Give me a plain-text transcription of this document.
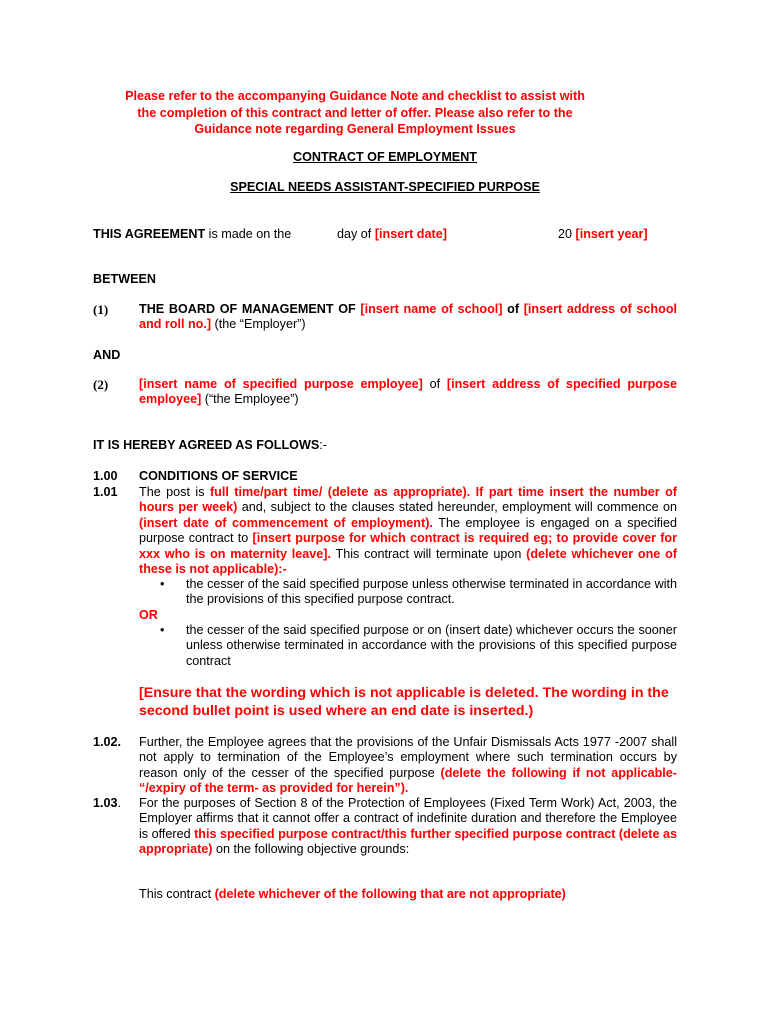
Please refer to the accompanying Guidance Note and checklist to assist with
the completion of this contract and letter of offer. Please also refer to the
Guidance note regarding General Employment Issues
CONTRACT OF EMPLOYMENT
SPECIAL NEEDS ASSISTANT-SPECIFIED PURPOSE
THIS AGREEMENT is made on the	day of [insert date]	20 [insert year]
BETWEEN
(1) THE BOARD OF MANAGEMENT OF [insert name of school] of [insert address of school and roll no.] (the “Employer”)
AND
(2) [insert name of specified purpose employee] of [insert address of specified purpose employee] (“the Employee”)
IT IS HEREBY AGREED AS FOLLOWS:-
1.00 CONDITIONS OF SERVICE
1.01 The post is full time/part time/ (delete as appropriate). If part time insert the number of hours per week) and, subject to the clauses stated hereunder, employment will commence on (insert date of commencement of employment). The employee is engaged on a specified purpose contract to [insert purpose for which contract is required eg; to provide cover for xxx who is on maternity leave]. This contract will terminate upon (delete whichever one of these is not applicable):-
• the cesser of the said specified purpose unless otherwise terminated in accordance with the provisions of this specified purpose contract.
OR
• the cesser of the said specified purpose or on (insert date) whichever occurs the sooner unless otherwise terminated in accordance with the provisions of this specified purpose contract
[Ensure that the wording which is not applicable is deleted. The wording in the second bullet point is used where an end date is inserted.)
1.02. Further, the Employee agrees that the provisions of the Unfair Dismissals Acts 1977 -2007 shall not apply to termination of the Employee’s employment where such termination occurs by reason only of the cesser of the specified purpose (delete the following if not applicable- “/expiry of the term- as provided for herein”).
1.03. For the purposes of Section 8 of the Protection of Employees (Fixed Term Work) Act, 2003, the Employer affirms that it cannot offer a contract of indefinite duration and therefore the Employee is offered this specified purpose contract/this further specified purpose contract (delete as appropriate) on the following objective grounds:
This contract (delete whichever of the following that are not appropriate)
